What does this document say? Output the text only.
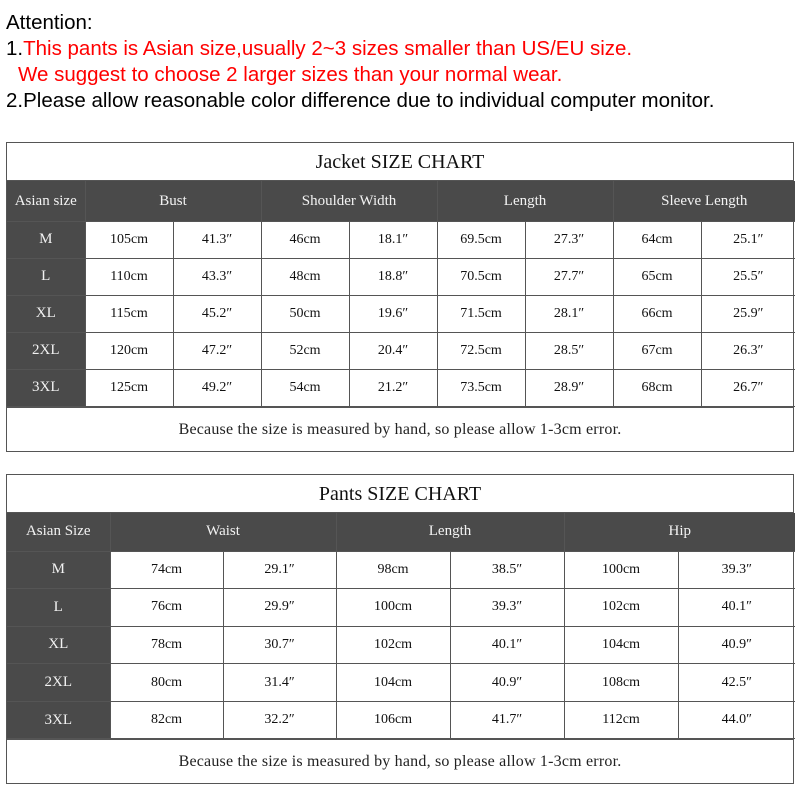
Attention:
1.This pants is Asian size,usually 2~3 sizes smaller than US/EU size.
We suggest to choose 2 larger sizes than your normal wear.
2.Please allow reasonable color difference due to individual computer monitor.
Jacket SIZE CHART
Asian size	Bust		Shoulder Width		Length		Sleeve Length	
M	105cm	41.3″	46cm	18.1″	69.5cm	27.3″	64cm	25.1″
L	110cm	43.3″	48cm	18.8″	70.5cm	27.7″	65cm	25.5″
XL	115cm	45.2″	50cm	19.6″	71.5cm	28.1″	66cm	25.9″
2XL	120cm	47.2″	52cm	20.4″	72.5cm	28.5″	67cm	26.3″
3XL	125cm	49.2″	54cm	21.2″	73.5cm	28.9″	68cm	26.7″
Because the size is measured by hand, so please allow 1-3cm error.
Pants SIZE CHART
Asian Size	Waist		Length		Hip	
M	74cm	29.1″	98cm	38.5″	100cm	39.3″
L	76cm	29.9″	100cm	39.3″	102cm	40.1″
XL	78cm	30.7″	102cm	40.1″	104cm	40.9″
2XL	80cm	31.4″	104cm	40.9″	108cm	42.5″
3XL	82cm	32.2″	106cm	41.7″	112cm	44.0″
Because the size is measured by hand, so please allow 1-3cm error.
